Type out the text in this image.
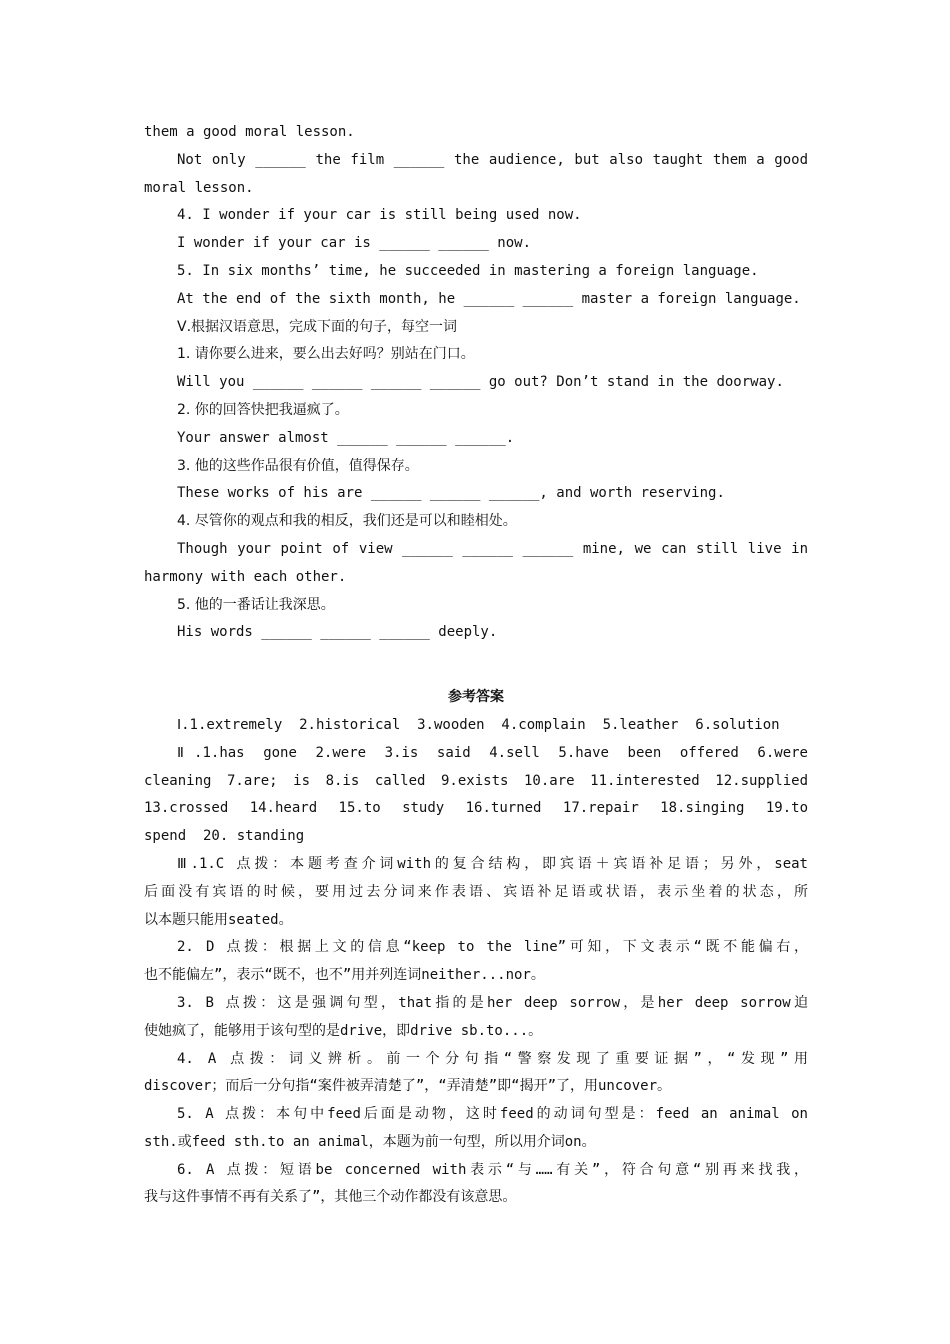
them a good moral lesson.
Not only ______ the film ______ the audience, but also taught them a good
moral lesson.
4. I wonder if your car is still being used now.
I wonder if your car is ______ ______ now.
5. In six months’ time, he succeeded in mastering a foreign language.
At the end of the sixth month, he ______ ______ master a foreign language.
Ⅴ.根据汉语意思，完成下面的句子，每空一词
1. 请你要么进来，要么出去好吗？别站在门口。
Will you ______ ______ ______ ______ go out? Don’t stand in the doorway.
2. 你的回答快把我逼疯了。
Your answer almost ______ ______ ______.
3. 他的这些作品很有价值，值得保存。
These works of his are ______ ______ ______, and worth reserving.
4. 尽管你的观点和我的相反，我们还是可以和睦相处。
Though your point of view ______ ______ ______ mine, we can still live in
harmony with each other.
5. 他的一番话让我深思。
His words ______ ______ ______ deeply.
参考答案
Ⅰ.1.extremely  2.historical  3.wooden  4.complain  5.leather  6.solution
Ⅱ.1.has gone 2.were 3.is said 4.sell 5.have been offered 6.were
cleaning 7.are; is 8.is called 9.exists 10.are 11.interested 12.supplied
13.crossed 14.heard 15.to study 16.turned 17.repair 18.singing 19.to
spend  20. standing
Ⅲ.1.C 点拨：本题考查介词with的复合结构，即宾语＋宾语补足语；另外，seat
后面没有宾语的时候，要用过去分词来作表语、宾语补足语或状语，表示坐着的状态，所
以本题只能用seated。
2. D 点拨：根据上文的信息“keep to the line”可知，下文表示“既不能偏右，
也不能偏左”，表示“既不，也不”用并列连词neither...nor。
3. B 点拨：这是强调句型，that指的是her deep sorrow，是her deep sorrow迫
使她疯了，能够用于该句型的是drive，即drive sb.to...。
4. A 点拨：词义辨析。前一个分句指“警察发现了重要证据”，“发现”用
discover；而后一分句指“案件被弄清楚了”，“弄清楚”即“揭开”了，用uncover。
5. A 点拨：本句中feed后面是动物，这时feed的动词句型是：feed an animal on
sth.或feed sth.to an animal，本题为前一句型，所以用介词on。
6. A 点拨：短语be concerned with表示“与……有关”，符合句意“别再来找我，
我与这件事情不再有关系了”，其他三个动作都没有该意思。
